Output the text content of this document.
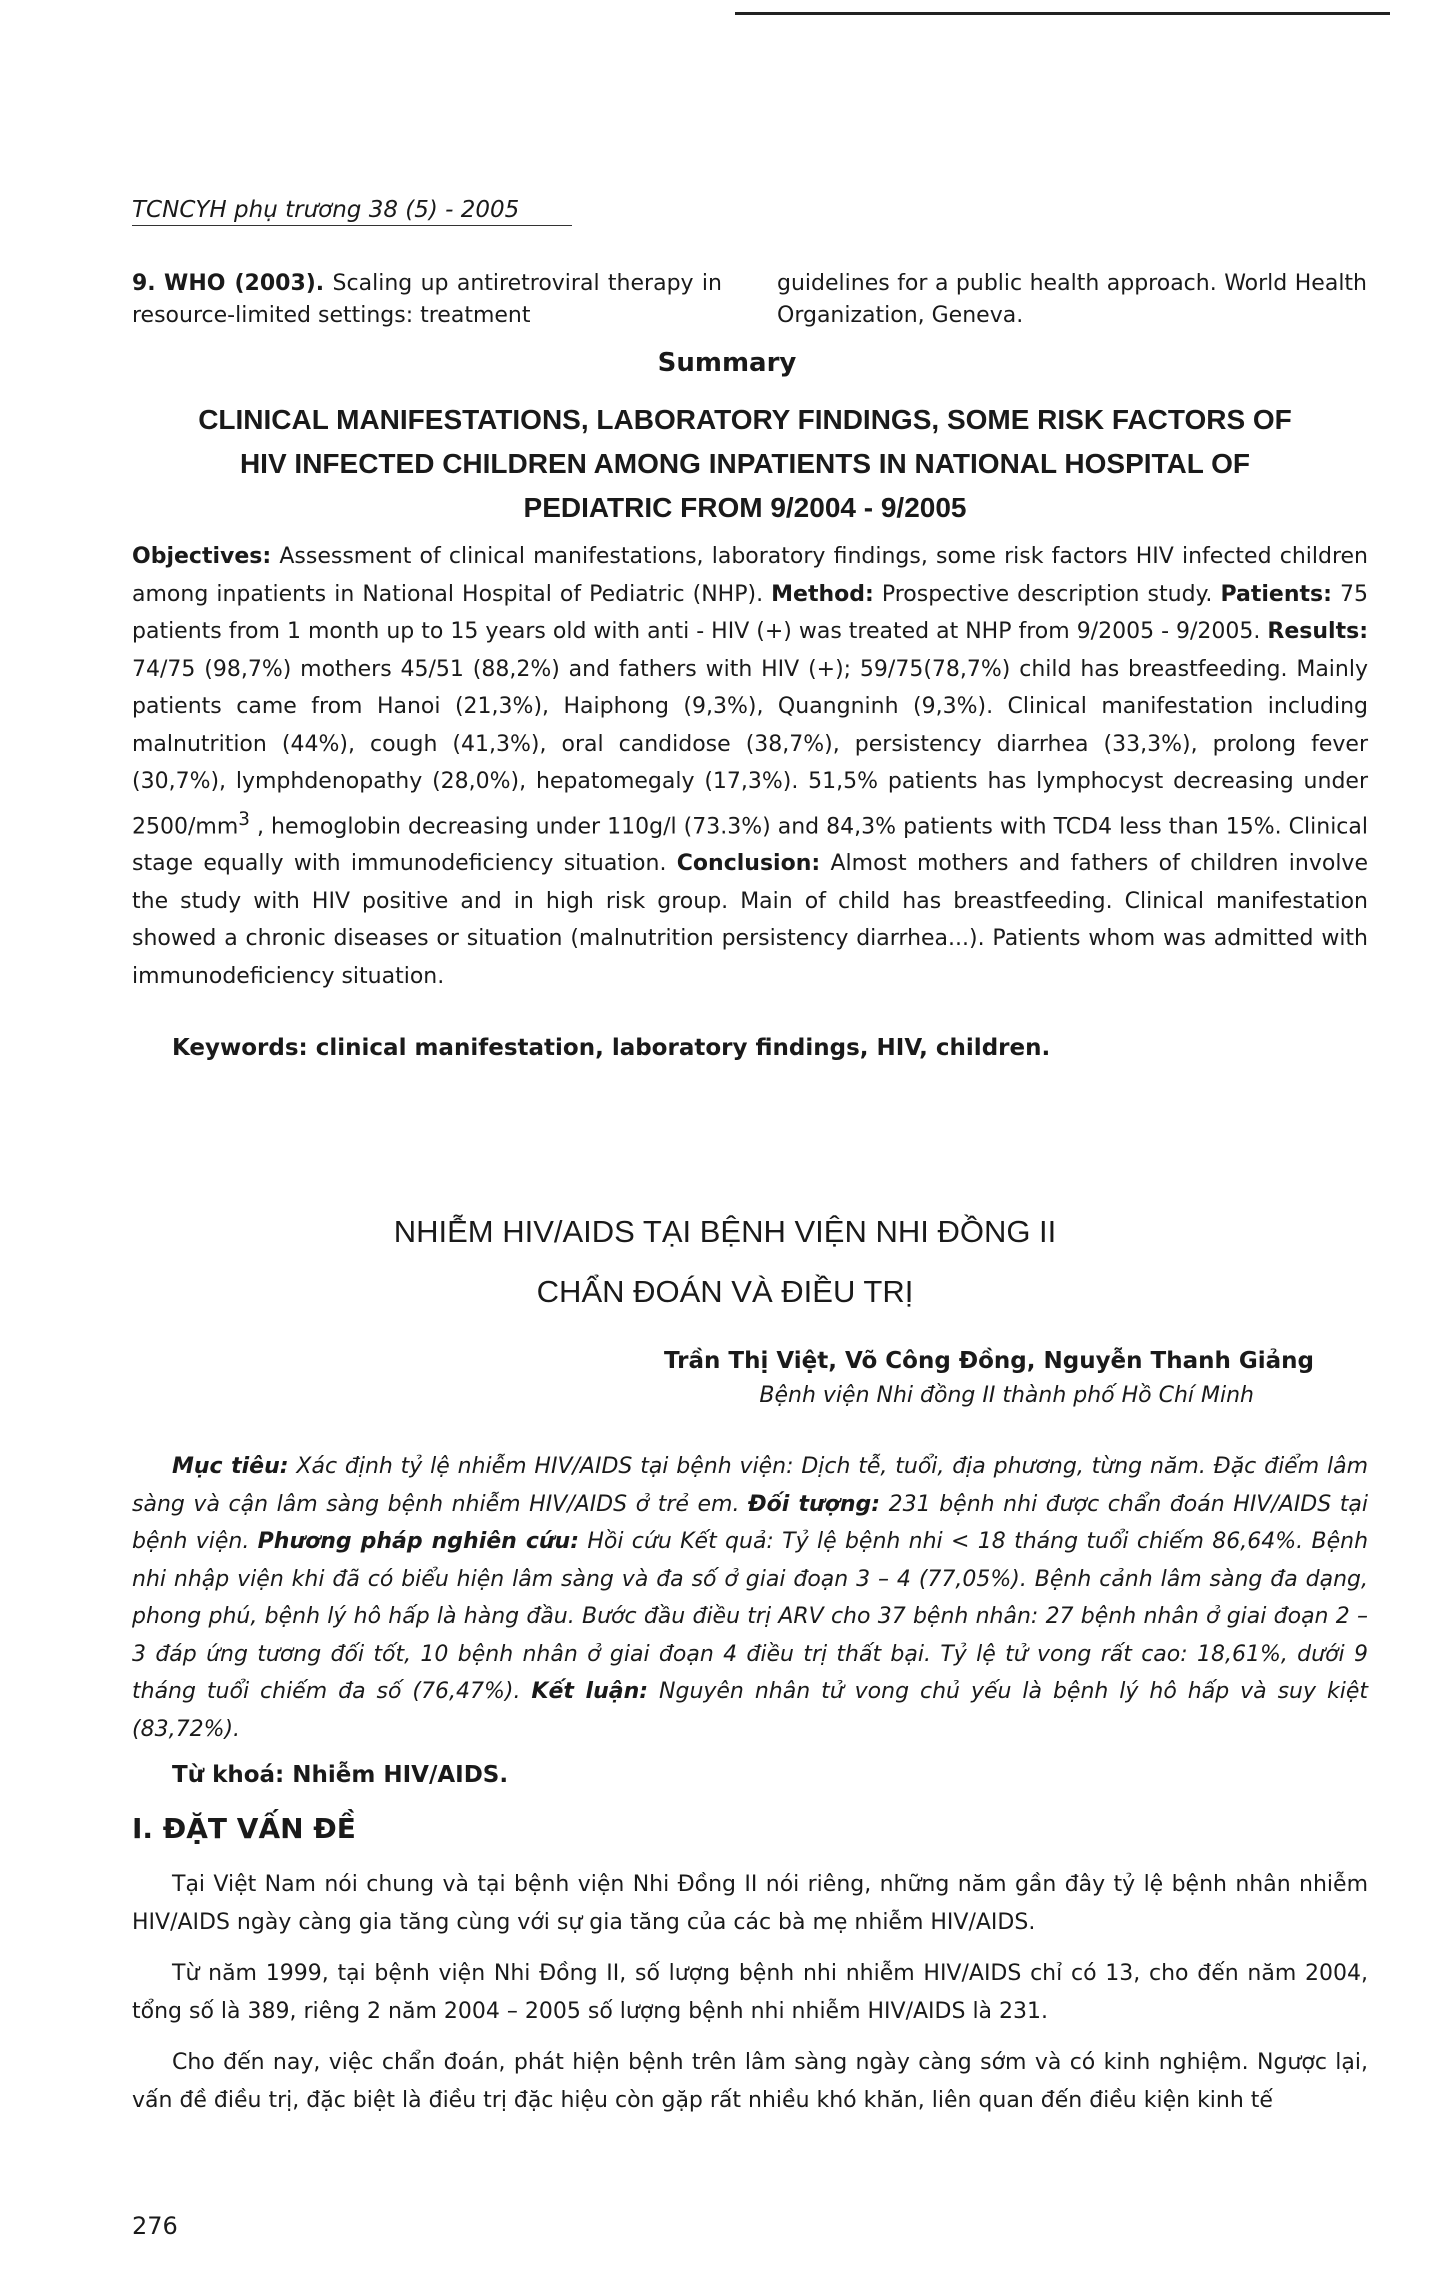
TCNCYH phụ trương 38 (5) - 2005
9. WHO (2003). Scaling up antiretroviral therapy in resource-limited settings: treatment
guidelines for a public health approach. World Health Organization, Geneva.
Summary
CLINICAL MANIFESTATIONS, LABORATORY FINDINGS, SOME RISK FACTORS OF
HIV INFECTED CHILDREN AMONG INPATIENTS IN NATIONAL HOSPITAL OF
PEDIATRIC FROM 9/2004 - 9/2005

Objectives: Assessment of clinical manifestations, laboratory findings, some risk factors HIV infected children among inpatients in National Hospital of Pediatric (NHP). Method: Prospective description study. Patients: 75 patients from 1 month up to 15 years old with anti - HIV (+) was treated at NHP from 9/2005 - 9/2005. Results: 74/75 (98,7%) mothers 45/51 (88,2%) and fathers with HIV (+); 59/75(78,7%) child has breastfeeding. Mainly patients came from Hanoi (21,3%), Haiphong (9,3%), Quangninh (9,3%). Clinical manifestation including malnutrition (44%), cough (41,3%), oral candidose (38,7%), persistency diarrhea (33,3%), prolong fever (30,7%), lymphdenopathy (28,0%), hepatomegaly (17,3%). 51,5% patients has lymphocyst decreasing under $2500/mm^3$ , hemoglobin decreasing under 110g/l (73.3%) and 84,3% patients with TCD4 less than 15%. Clinical stage equally with immunodeficiency situation. Conclusion: Almost mothers and fathers of children involve the study with HIV positive and in high risk group. Main of child has breastfeeding. Clinical manifestation showed a chronic diseases or situation (malnutrition persistency diarrhea...). Patients whom was admitted with immunodeficiency situation.

Keywords: clinical manifestation, laboratory findings, HIV, children.
NHIỄM HIV/AIDS TẠI BỆNH VIỆN NHI ĐỒNG II
CHẨN ĐOÁN VÀ ĐIỀU TRỊ
Trần Thị Việt, Võ Công Đồng, Nguyễn Thanh Giảng
Bệnh viện Nhi đồng II thành phố Hồ Chí Minh

Mục tiêu: Xác định tỷ lệ nhiễm HIV/AIDS tại bệnh viện: Dịch tễ, tuổi, địa phương, từng năm. Đặc điểm lâm sàng và cận lâm sàng bệnh nhiễm HIV/AIDS ở trẻ em. Đối tượng: 231 bệnh nhi được chẩn đoán HIV/AIDS tại bệnh viện. Phương pháp nghiên cứu: Hồi cứu Kết quả: Tỷ lệ bệnh nhi < 18 tháng tuổi chiếm 86,64%. Bệnh nhi nhập viện khi đã có biểu hiện lâm sàng và đa số ở giai đoạn 3 – 4 (77,05%). Bệnh cảnh lâm sàng đa dạng, phong phú, bệnh lý hô hấp là hàng đầu. Bước đầu điều trị ARV cho 37 bệnh nhân: 27 bệnh nhân ở giai đoạn 2 – 3 đáp ứng tương đối tốt, 10 bệnh nhân ở giai đoạn 4 điều trị thất bại. Tỷ lệ tử vong rất cao: 18,61%, dưới 9 tháng tuổi chiếm đa số (76,47%). Kết luận: Nguyên nhân tử vong chủ yếu là bệnh lý hô hấp và suy kiệt (83,72%).

Từ khoá: Nhiễm HIV/AIDS.
I. ĐẶT VẤN ĐỀ

Tại Việt Nam nói chung và tại bệnh viện Nhi Đồng II nói riêng, những năm gần đây tỷ lệ bệnh nhân nhiễm HIV/AIDS ngày càng gia tăng cùng với sự gia tăng của các bà mẹ nhiễm HIV/AIDS.

Từ năm 1999, tại bệnh viện Nhi Đồng II, số lượng bệnh nhi nhiễm HIV/AIDS chỉ có 13, cho đến năm 2004, tổng số là 389, riêng 2 năm 2004 – 2005 số lượng bệnh nhi nhiễm HIV/AIDS là 231.

Cho đến nay, việc chẩn đoán, phát hiện bệnh trên lâm sàng ngày càng sớm và có kinh nghiệm. Ngược lại, vấn đề điều trị, đặc biệt là điều trị đặc hiệu còn gặp rất nhiều khó khăn, liên quan đến điều kiện kinh tế

276
